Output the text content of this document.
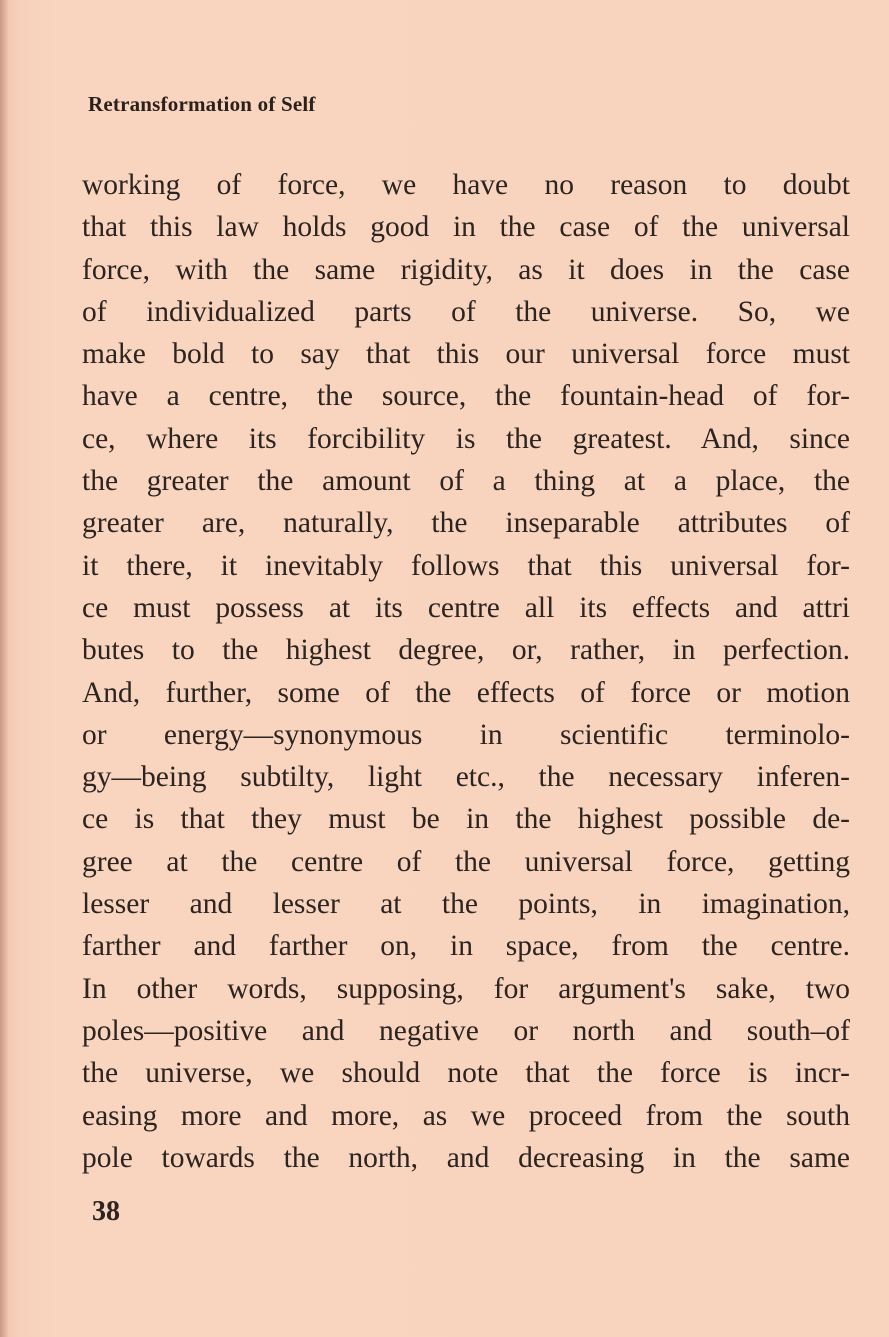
Retransformation of Self
working of force, we have no reason to doubt
that this law holds good in the case of the universal
force, with the same rigidity, as it does in the case
of individualized parts of the universe. So, we
make bold to say that this our universal force must
have a centre, the source, the fountain-head of for-
ce, where its forcibility is the greatest. And, since
the greater the amount of a thing at a place, the
greater are, naturally, the inseparable attributes of
it there, it inevitably follows that this universal for-
ce must possess at its centre all its effects and attri
butes to the highest degree, or, rather, in perfection.
And, further, some of the effects of force or motion
or energy—synonymous in scientific terminolo-
gy—being subtilty, light etc., the necessary inferen-
ce is that they must be in the highest possible de-
gree at the centre of the universal force, getting
lesser and lesser at the points, in imagination,
farther and farther on, in space, from the centre.
In other words, supposing, for argument's sake, two
poles—positive and negative or north and south–of
the universe, we should note that the force is incr-
easing more and more, as we proceed from the south
pole towards the north, and decreasing in the same
38
